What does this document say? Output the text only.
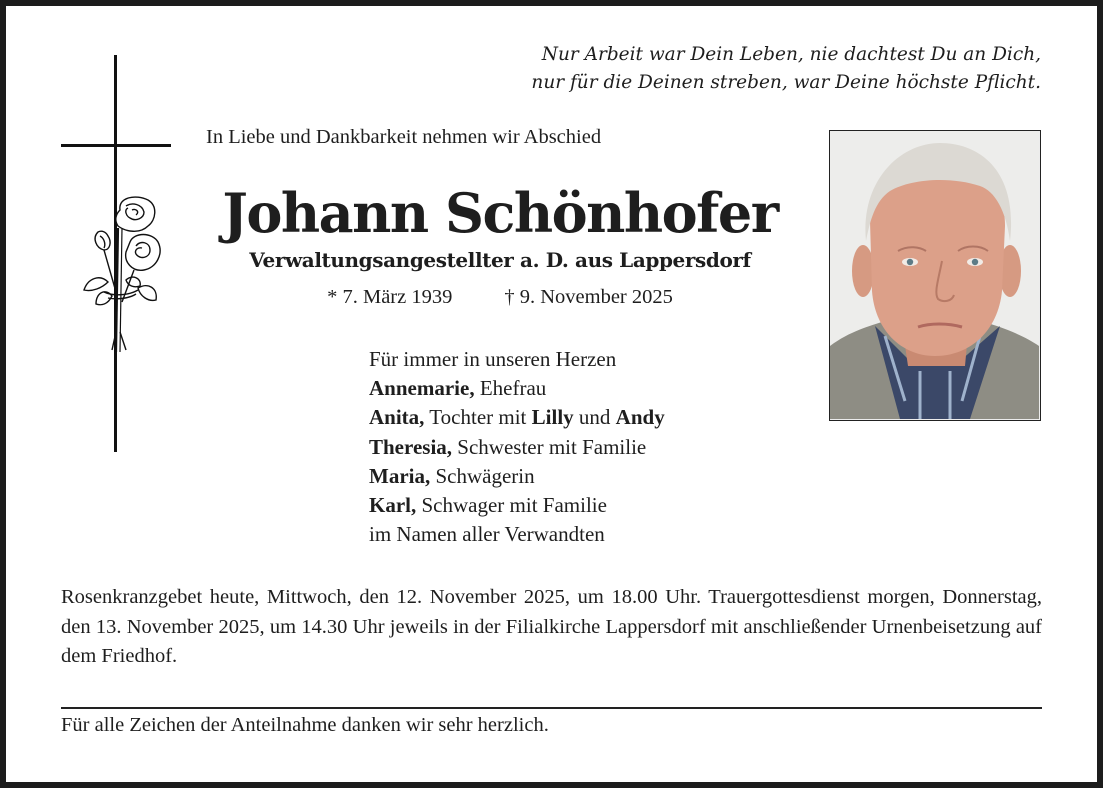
Nur Arbeit war Dein Leben, nie dachtest Du an Dich,
nur für die Deinen streben, war Deine höchste Pflicht.
In Liebe und Dankbarkeit nehmen wir Abschied
Johann Schönhofer
Verwaltungsangestellter a. D. aus Lappersdorf
* 7. März 1939	† 9. November 2025
Für immer in unseren Herzen
Annemarie, Ehefrau
Anita, Tochter mit Lilly und Andy
Theresia, Schwester mit Familie
Maria, Schwägerin
Karl, Schwager mit Familie
im Namen aller Verwandten
Rosenkranzgebet heute, Mittwoch, den 12. November 2025, um 18.00 Uhr. Trauergottesdienst morgen, Donnerstag, den 13. November 2025, um 14.30 Uhr jeweils in der Filialkirche Lappersdorf mit anschließender Urnenbeisetzung auf dem Friedhof.
Für alle Zeichen der Anteilnahme danken wir sehr herzlich.
